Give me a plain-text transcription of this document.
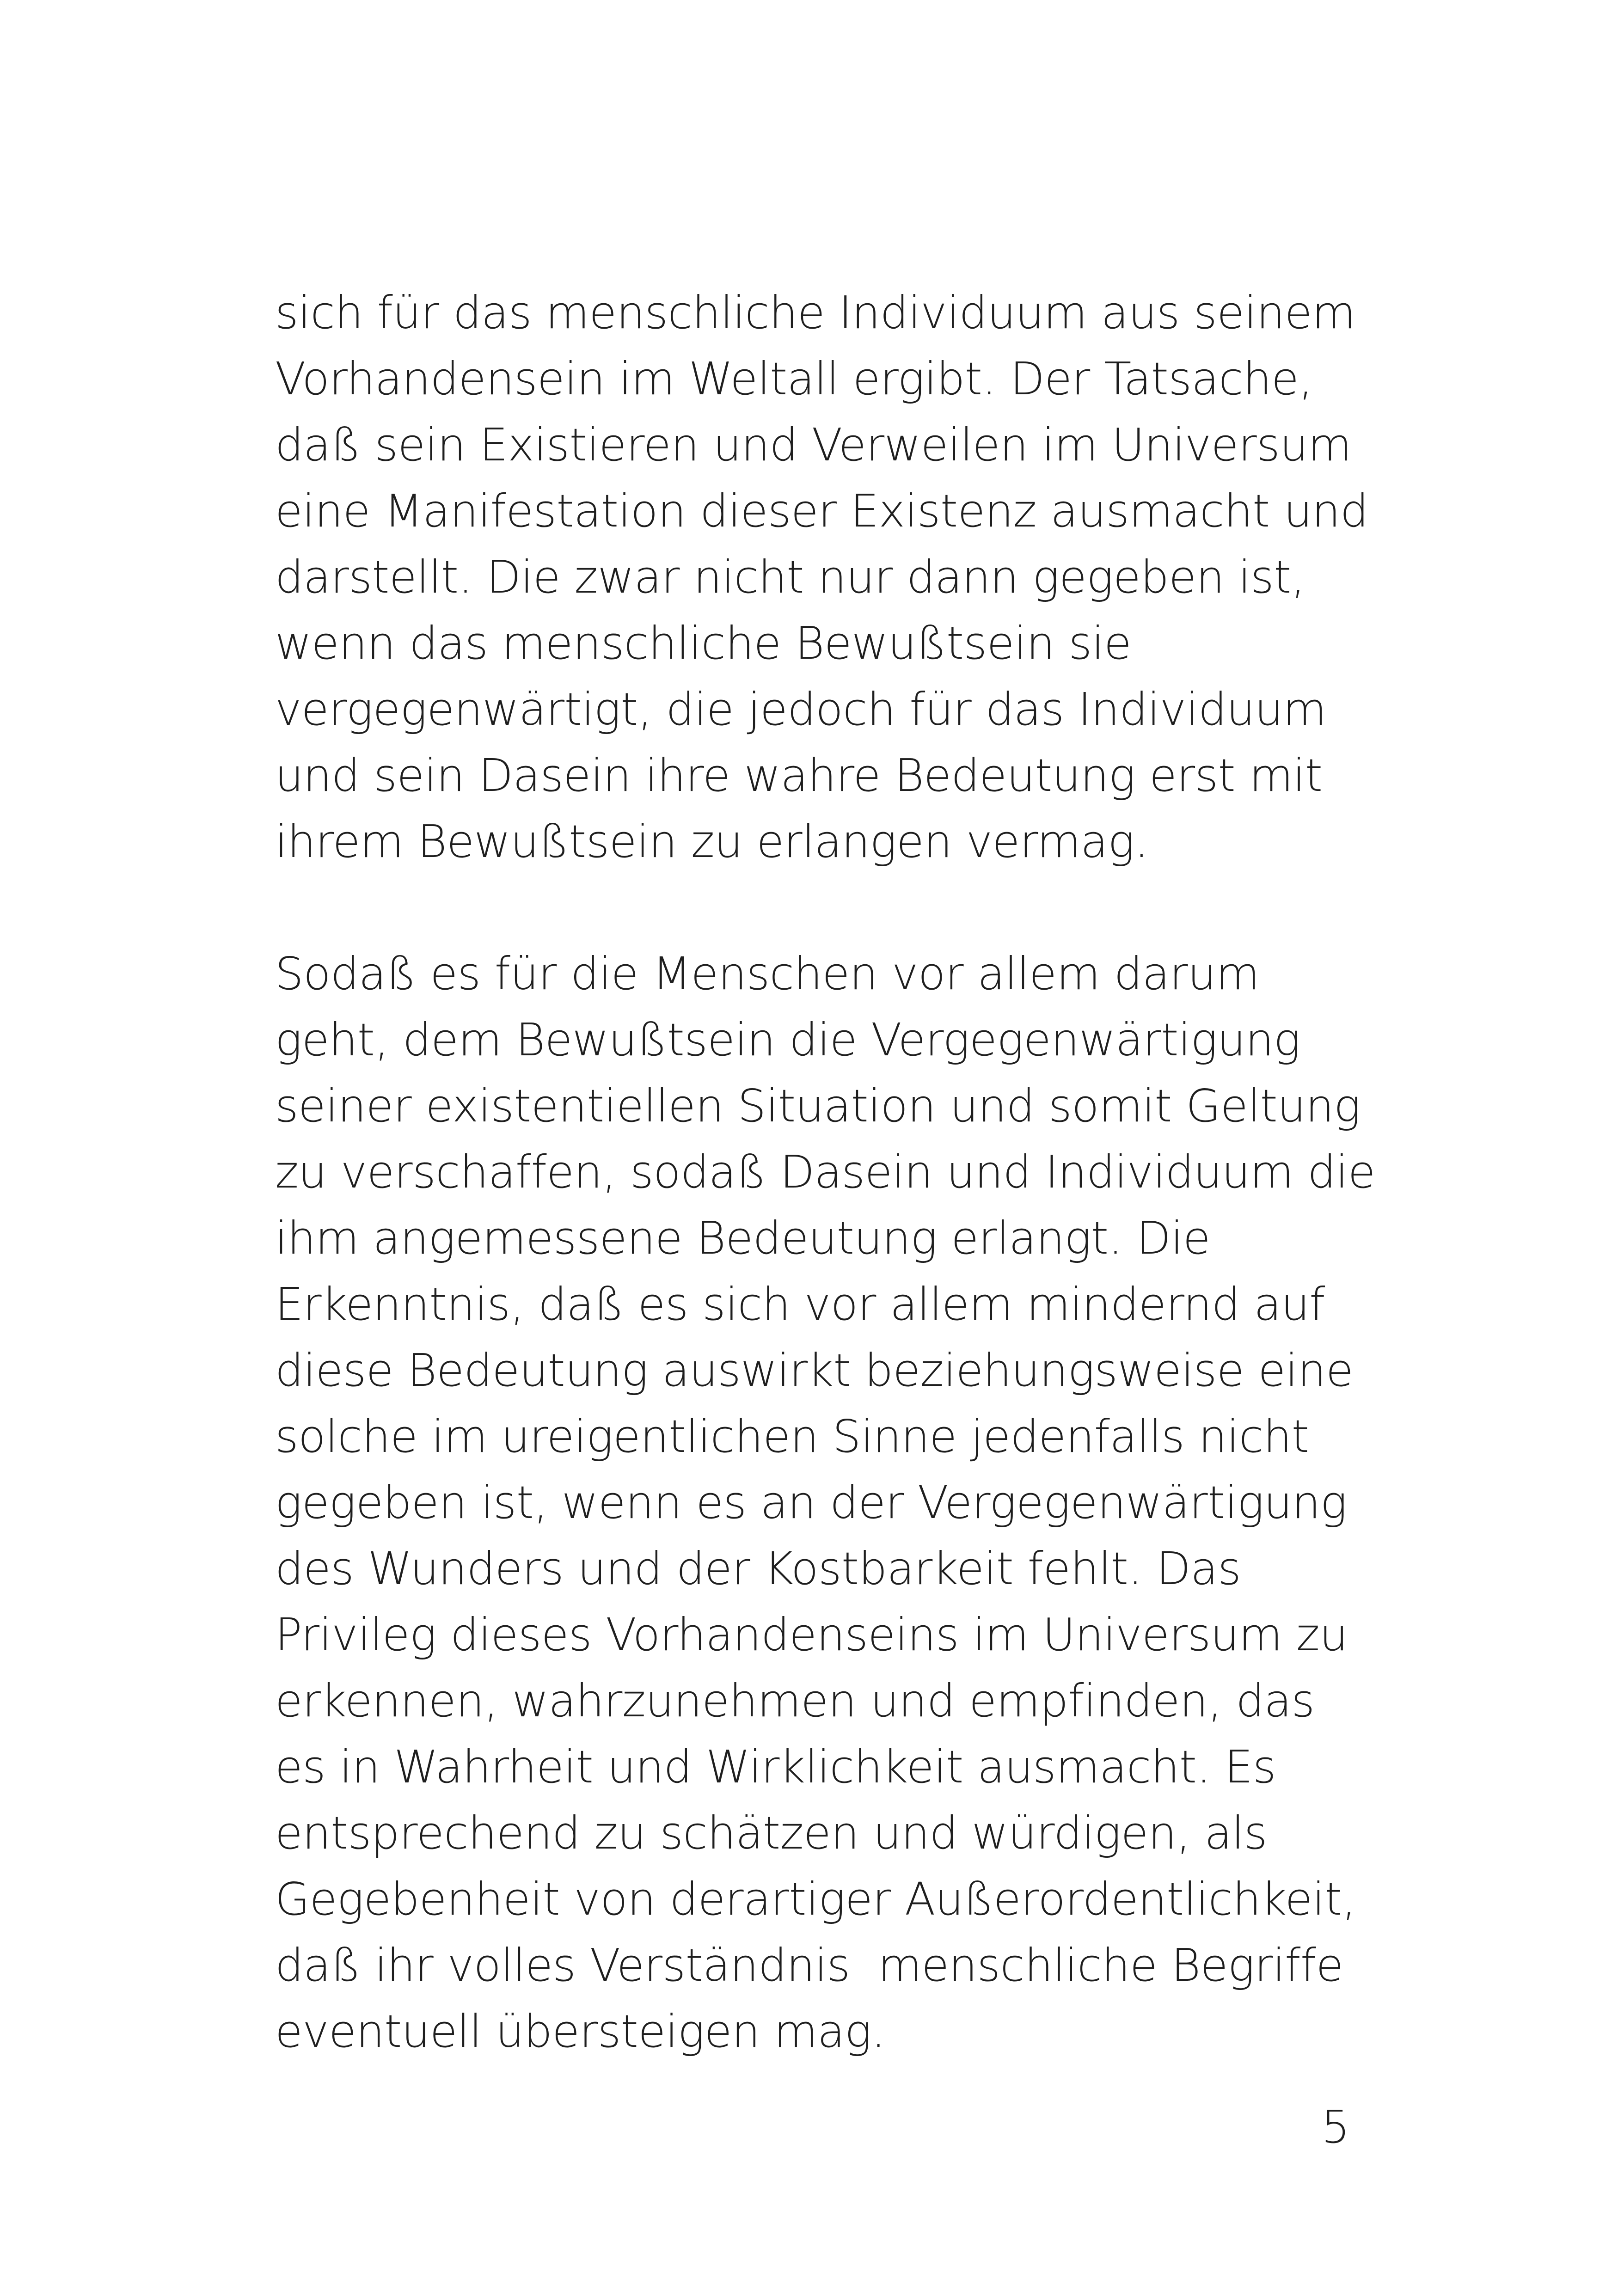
sich für das menschliche Individuum aus seinem
Vorhandensein im Weltall ergibt. Der Tatsache,
daß sein Existieren und Verweilen im Universum
eine Manifestation dieser Existenz ausmacht und
darstellt. Die zwar nicht nur dann gegeben ist,
wenn das menschliche Bewußtsein sie
vergegenwärtigt, die jedoch für das Individuum
und sein Dasein ihre wahre Bedeutung erst mit
ihrem Bewußtsein zu erlangen vermag.

Sodaß es für die Menschen vor allem darum
geht, dem Bewußtsein die Vergegenwärtigung
seiner existentiellen Situation und somit Geltung
zu verschaffen, sodaß Dasein und Individuum die
ihm angemessene Bedeutung erlangt. Die
Erkenntnis, daß es sich vor allem mindernd auf
diese Bedeutung auswirkt beziehungsweise eine
solche im ureigentlichen Sinne jedenfalls nicht
gegeben ist, wenn es an der Vergegenwärtigung
des Wunders und der Kostbarkeit fehlt. Das
Privileg dieses Vorhandenseins im Universum zu
erkennen, wahrzunehmen und empfinden, das
es in Wahrheit und Wirklichkeit ausmacht. Es
entsprechend zu schätzen und würdigen, als
Gegebenheit von derartiger Außerordentlichkeit,
daß ihr volles Verständnis  menschliche Begriffe
eventuell übersteigen mag.

5
